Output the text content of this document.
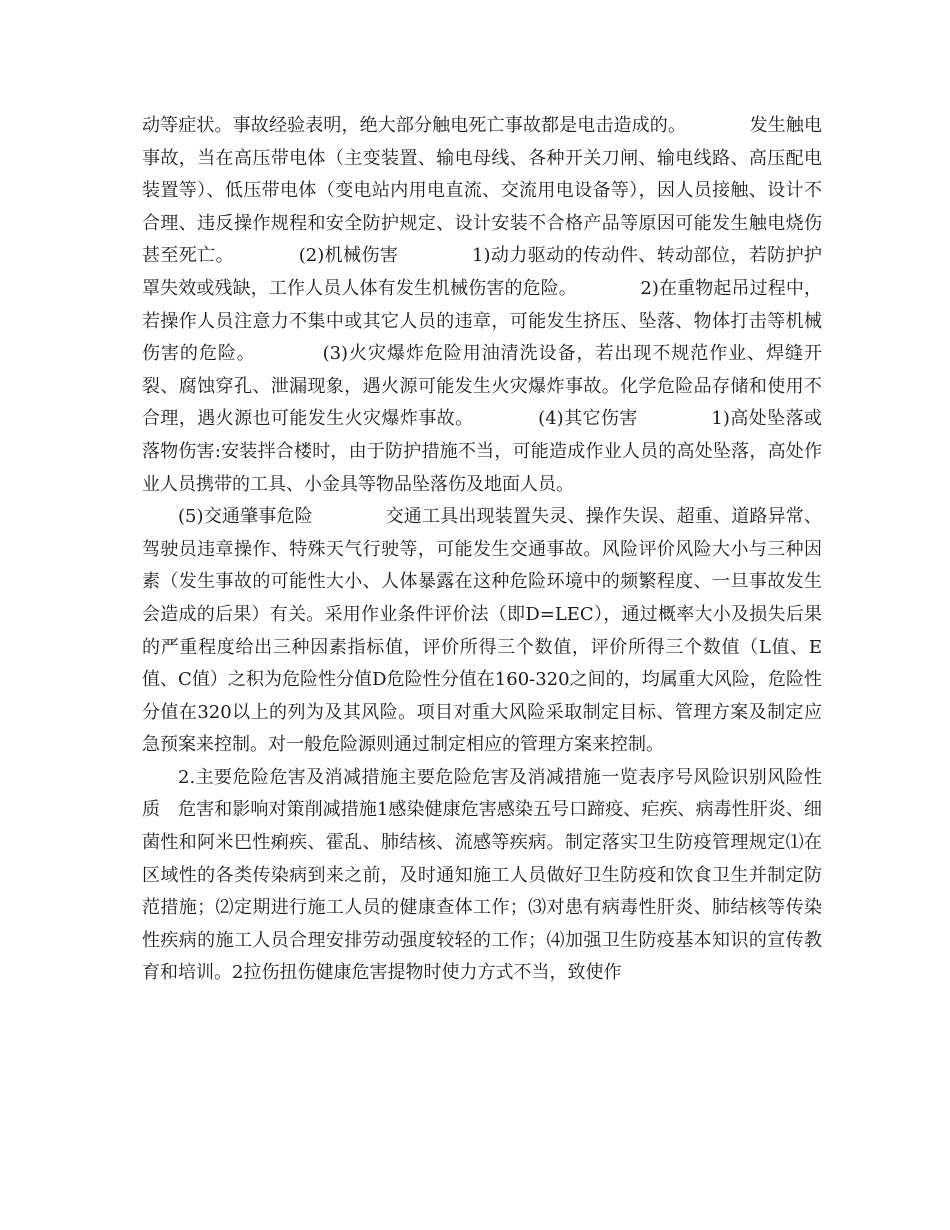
动等症状。事故经验表明，绝大部分触电死亡事故都是电击造成的。　　　　发生触电事故，当在高压带电体（主变装置、输电母线、各种开关刀闸、输电线路、高压配电装置等）、低压带电体（变电站内用电直流、交流用电设备等），因人员接触、设计不合理、违反操作规程和安全防护规定、设计安装不合格产品等原因可能发生触电烧伤甚至死亡。　　　　(2)机械伤害　　　　1)动力驱动的传动件、转动部位，若防护护罩失效或残缺，工作人员人体有发生机械伤害的危险。　　　　2)在重物起吊过程中，若操作人员注意力不集中或其它人员的违章，可能发生挤压、坠落、物体打击等机械伤害的危险。　　　　(3)火灾爆炸危险用油清洗设备，若出现不规范作业、焊缝开裂、腐蚀穿孔、泄漏现象，遇火源可能发生火灾爆炸事故。化学危险品存储和使用不合理，遇火源也可能发生火灾爆炸事故。　　　　(4)其它伤害　　　　1)高处坠落或落物伤害:安装拌合楼时，由于防护措施不当，可能造成作业人员的高处坠落，高处作业人员携带的工具、小金具等物品坠落伤及地面人员。

(5)交通肇事危险　　　　交通工具出现装置失灵、操作失误、超重、道路异常、驾驶员违章操作、特殊天气行驶等，可能发生交通事故。风险评价风险大小与三种因素（发生事故的可能性大小、人体暴露在这种危险环境中的频繁程度、一旦事故发生会造成的后果）有关。采用作业条件评价法（即D=LEC），通过概率大小及损失后果的严重程度给出三种因素指标值，评价所得三个数值，评价所得三个数值（L值、E值、C值）之积为危险性分值D危险性分值在160-320之间的，均属重大风险，危险性分值在320以上的列为及其风险。项目对重大风险采取制定目标、管理方案及制定应急预案来控制。对一般危险源则通过制定相应的管理方案来控制。

2.主要危险危害及消减措施主要危险危害及消减措施一览表序号风险识别风险性质　危害和影响对策削减措施1感染健康危害感染五号口蹄疫、疟疾、病毒性肝炎、细菌性和阿米巴性痢疾、霍乱、肺结核、流感等疾病。制定落实卫生防疫管理规定⑴在区域性的各类传染病到来之前，及时通知施工人员做好卫生防疫和饮食卫生并制定防范措施；⑵定期进行施工人员的健康查体工作；⑶对患有病毒性肝炎、肺结核等传染性疾病的施工人员合理安排劳动强度较轻的工作；⑷加强卫生防疫基本知识的宣传教育和培训。2拉伤扭伤健康危害提物时使力方式不当，致使作
